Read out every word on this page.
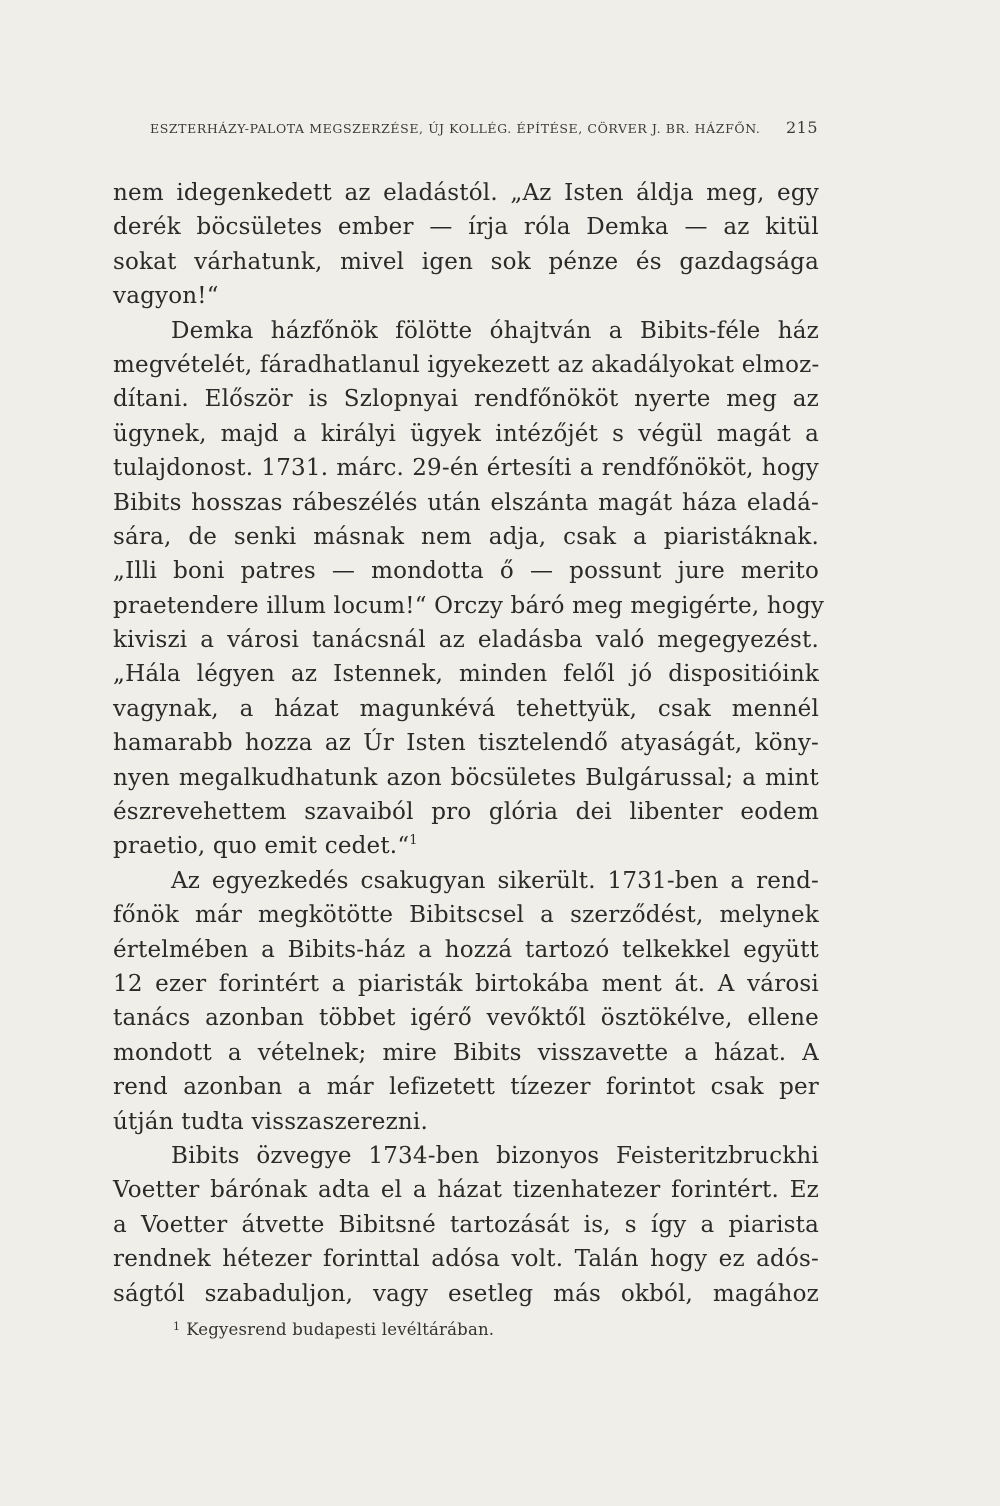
ESZTERHÁZY-PALOTA MEGSZERZÉSE, ÚJ KOLLÉG. ÉPÍTÉSE, CÖRVER J. BR. HÁZFŐN. 215
nem idegenkedett az eladástól. „Az Isten áldja meg, egy
derék böcsületes ember — írja róla Demka — az kitül
sokat várhatunk, mivel igen sok pénze és gazdagsága
vagyon!“
Demka házfőnök fölötte óhajtván a Bibits-féle ház
megvételét, fáradhatlanul igyekezett az akadályokat elmoz-
dítani. Először is Szlopnyai rendfőnököt nyerte meg az
ügynek, majd a királyi ügyek intézőjét s végül magát a
tulajdonost. 1731. márc. 29-én értesíti a rendfőnököt, hogy
Bibits hosszas rábeszélés után elszánta magát háza eladá-
sára, de senki másnak nem adja, csak a piaristáknak.
„Illi boni patres — mondotta ő — possunt jure merito
praetendere illum locum!“ Orczy báró meg megigérte, hogy
kiviszi a városi tanácsnál az eladásba való megegyezést.
„Hála légyen az Istennek, minden felől jó dispositióink
vagynak, a házat magunkévá tehettyük, csak mennél
hamarabb hozza az Úr Isten tisztelendő atyaságát, köny-
nyen megalkudhatunk azon böcsületes Bulgárussal; a mint
észrevehettem szavaiból pro glória dei libenter eodem
praetio, quo emit cedet.“$^1$
Az egyezkedés csakugyan sikerült. 1731-ben a rend-
főnök már megkötötte Bibitscsel a szerződést, melynek
értelmében a Bibits-ház a hozzá tartozó telkekkel együtt
12 ezer forintért a piaristák birtokába ment át. A városi
tanács azonban többet igérő vevőktől ösztökélve, ellene
mondott a vételnek; mire Bibits visszavette a házat. A
rend azonban a már lefizetett tízezer forintot csak per
útján tudta visszaszerezni.
Bibits özvegye 1734-ben bizonyos Feisteritzbruckhi
Voetter bárónak adta el a házat tizenhatezer forintért. Ez
a Voetter átvette Bibitsné tartozását is, s így a piarista
rendnek hétezer forinttal adósa volt. Talán hogy ez adós-
ságtól szabaduljon, vagy esetleg más okból, magához
$^1$ Kegyesrend budapesti levéltárában.
